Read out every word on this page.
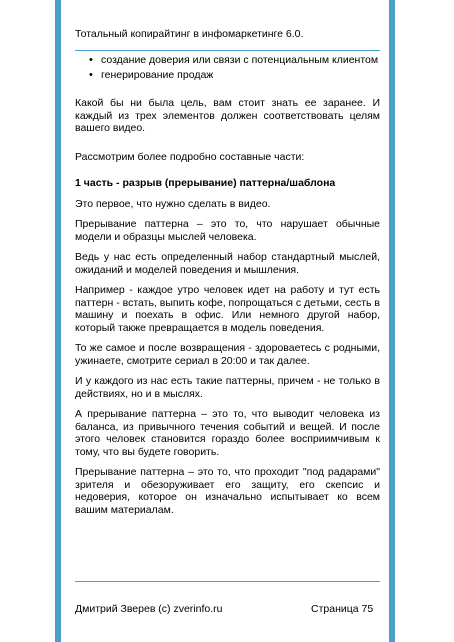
Тотальный копирайтинг в инфомаркетинге 6.0.
• создание доверия или связи с потенциальным клиентом
• генерирование продаж

Какой бы ни была цель, вам стоит знать ее заранее. И каждый из трех элементов должен соответствовать целям вашего видео.

Рассмотрим более подробно составные части:

1 часть - разрыв (прерывание) паттерна/шаблона

Это первое, что нужно сделать в видео.

Прерывание паттерна – это то, что нарушает обычные модели и образцы мыслей человека.

Ведь у нас есть определенный набор стандартный мыслей, ожиданий и моделей поведения и мышления.

Например - каждое утро человек идет на работу и тут есть паттерн - встать, выпить кофе, попрощаться с детьми, сесть в машину и поехать в офис. Или немного другой набор, который также превращается в модель поведения.

То же самое и после возвращения - здороваетесь с родными, ужинаете, смотрите сериал в 20:00 и так далее.

И у каждого из нас есть такие паттерны, причем - не только в действиях, но и в мыслях.

А прерывание паттерна – это то, что выводит человека из баланса, из привычного течения событий и вещей. И после этого человек становится гораздо более восприимчивым к тому, что вы будете говорить.

Прерывание паттерна – это то, что проходит "под радарами" зрителя и обезоруживает его защиту, его скепсис и недоверия, которое он изначально испытывает ко всем вашим материалам.

Дмитрий Зверев (с) zverinfo.ru	Страница 75
